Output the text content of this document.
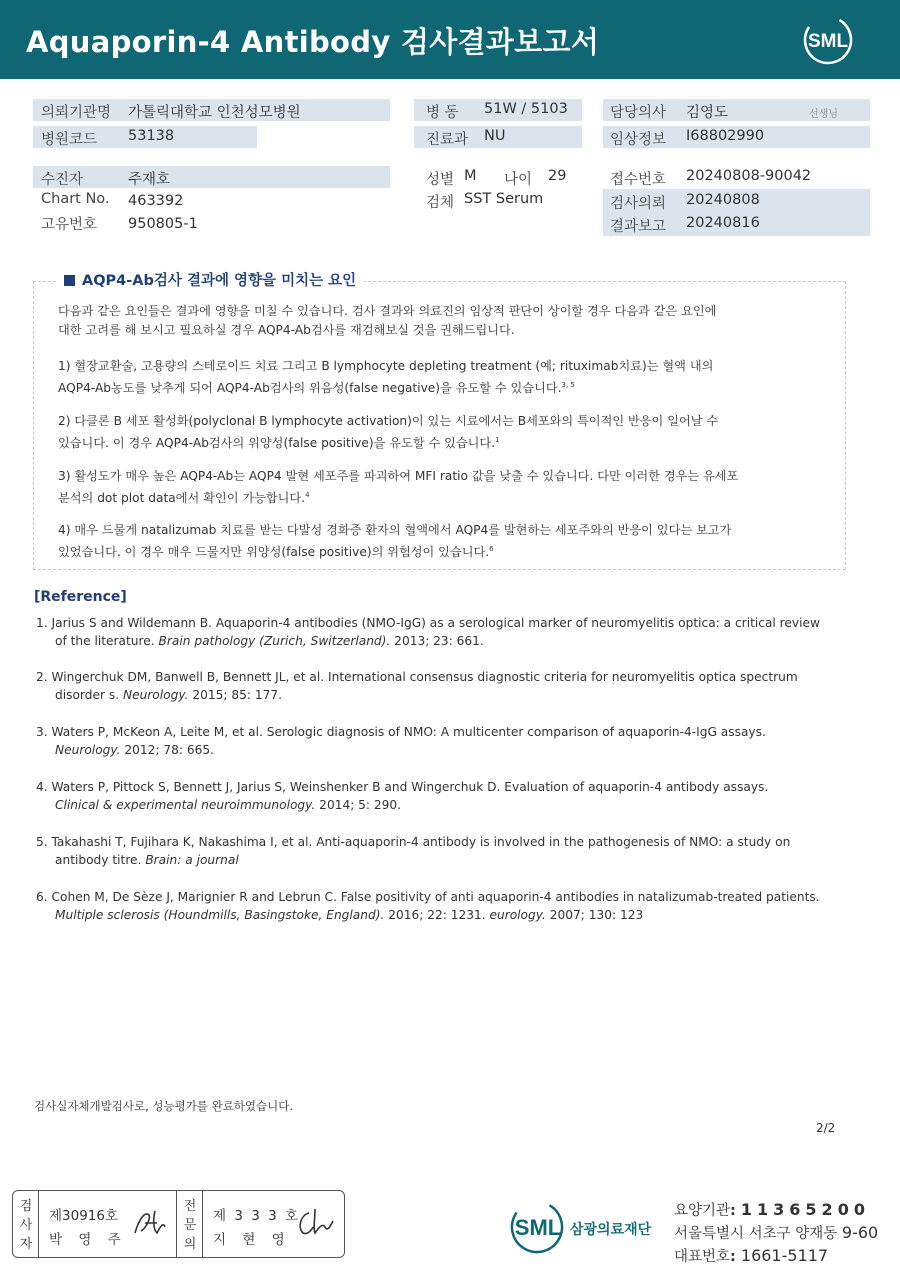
Aquaporin-4 Antibody 검사결과보고서	SML
의뢰기관명 가톨릭대학교 인천성모병원
병원코드 53138
병 동 51W / 5103
진료과 NU
담당의사 김영도	선생님
임상정보 I68802990
수진자	주재호
Chart No. 463392
고유번호 950805-1
성별 M 나이 29
검체 SST Serum
접수번호 20240808-90042
검사의뢰 20240808
결과보고 20240816
AQP4-Ab검사 결과에 영향을 미치는 요인
다음과 같은 요인들은 결과에 영향을 미칠 수 있습니다. 검사 결과와 의료진의 임상적 판단이 상이할 경우 다음과 같은 요인에
대한 고려를 해 보시고 필요하실 경우 AQP4-Ab검사를 재검해보실 것을 권해드립니다.
1) 혈장교환술, 고용량의 스테로이드 치료 그리고 B lymphocyte depleting treatment (예; rituximab치료)는 혈액 내의
AQP4-Ab농도를 낮추게 되어 AQP4-Ab검사의 위음성(false negative)을 유도할 수 있습니다.$^{3, 5}$
2) 다클론 B 세포 활성화(polyclonal B lymphocyte activation)이 있는 시료에서는 B세포와의 특이적인 반응이 일어날 수
있습니다. 이 경우 AQP4-Ab검사의 위양성(false positive)을 유도할 수 있습니다.$^1$
3) 활성도가 매우 높은 AQP4-Ab는 AQP4 발현 세포주를 파괴하여 MFI ratio 값을 낮출 수 있습니다. 다만 이러한 경우는 유세포
분석의 dot plot data에서 확인이 가능합니다.$^4$
4) 매우 드물게 natalizumab 치료를 받는 다발성 경화증 환자의 혈액에서 AQP4를 발현하는 세포주와의 반응이 있다는 보고가
있었습니다. 이 경우 매우 드물지만 위양성(false positive)의 위험성이 있습니다.$^6$
[Reference]
1. Jarius S and Wildemann B. Aquaporin-4 antibodies (NMO-IgG) as a serological marker of neuromyelitis optica: a critical review
of the literature. Brain pathology (Zurich, Switzerland). 2013; 23: 661.
2. Wingerchuk DM, Banwell B, Bennett JL, et al. International consensus diagnostic criteria for neuromyelitis optica spectrum
disorder s. Neurology. 2015; 85: 177.
3. Waters P, McKeon A, Leite M, et al. Serologic diagnosis of NMO: A multicenter comparison of aquaporin-4-IgG assays.
Neurology. 2012; 78: 665.
4. Waters P, Pittock S, Bennett J, Jarius S, Weinshenker B and Wingerchuk D. Evaluation of aquaporin-4 antibody assays.
Clinical & experimental neuroimmunology. 2014; 5: 290.
5. Takahashi T, Fujihara K, Nakashima I, et al. Anti-aquaporin-4 antibody is involved in the pathogenesis of NMO: a study on
antibody titre. Brain: a journal
6. Cohen M, De Sèze J, Marignier R and Lebrun C. False positivity of anti aquaporin-4 antibodies in natalizumab-treated patients.
Multiple sclerosis (Houndmills, Basingstoke, England). 2016; 22: 1231. eurology. 2007; 130: 123
검사실자체개발검사로, 성능평가를 완료하였습니다.
2/2
검사자
제30916호
박 영 주
전문의
제 3 3 3 호
지 현 영	SML 삼광의료재단
요양기관: 11365200
서울특별시 서초구 양재동 9-60
대표번호: 1661-5117
